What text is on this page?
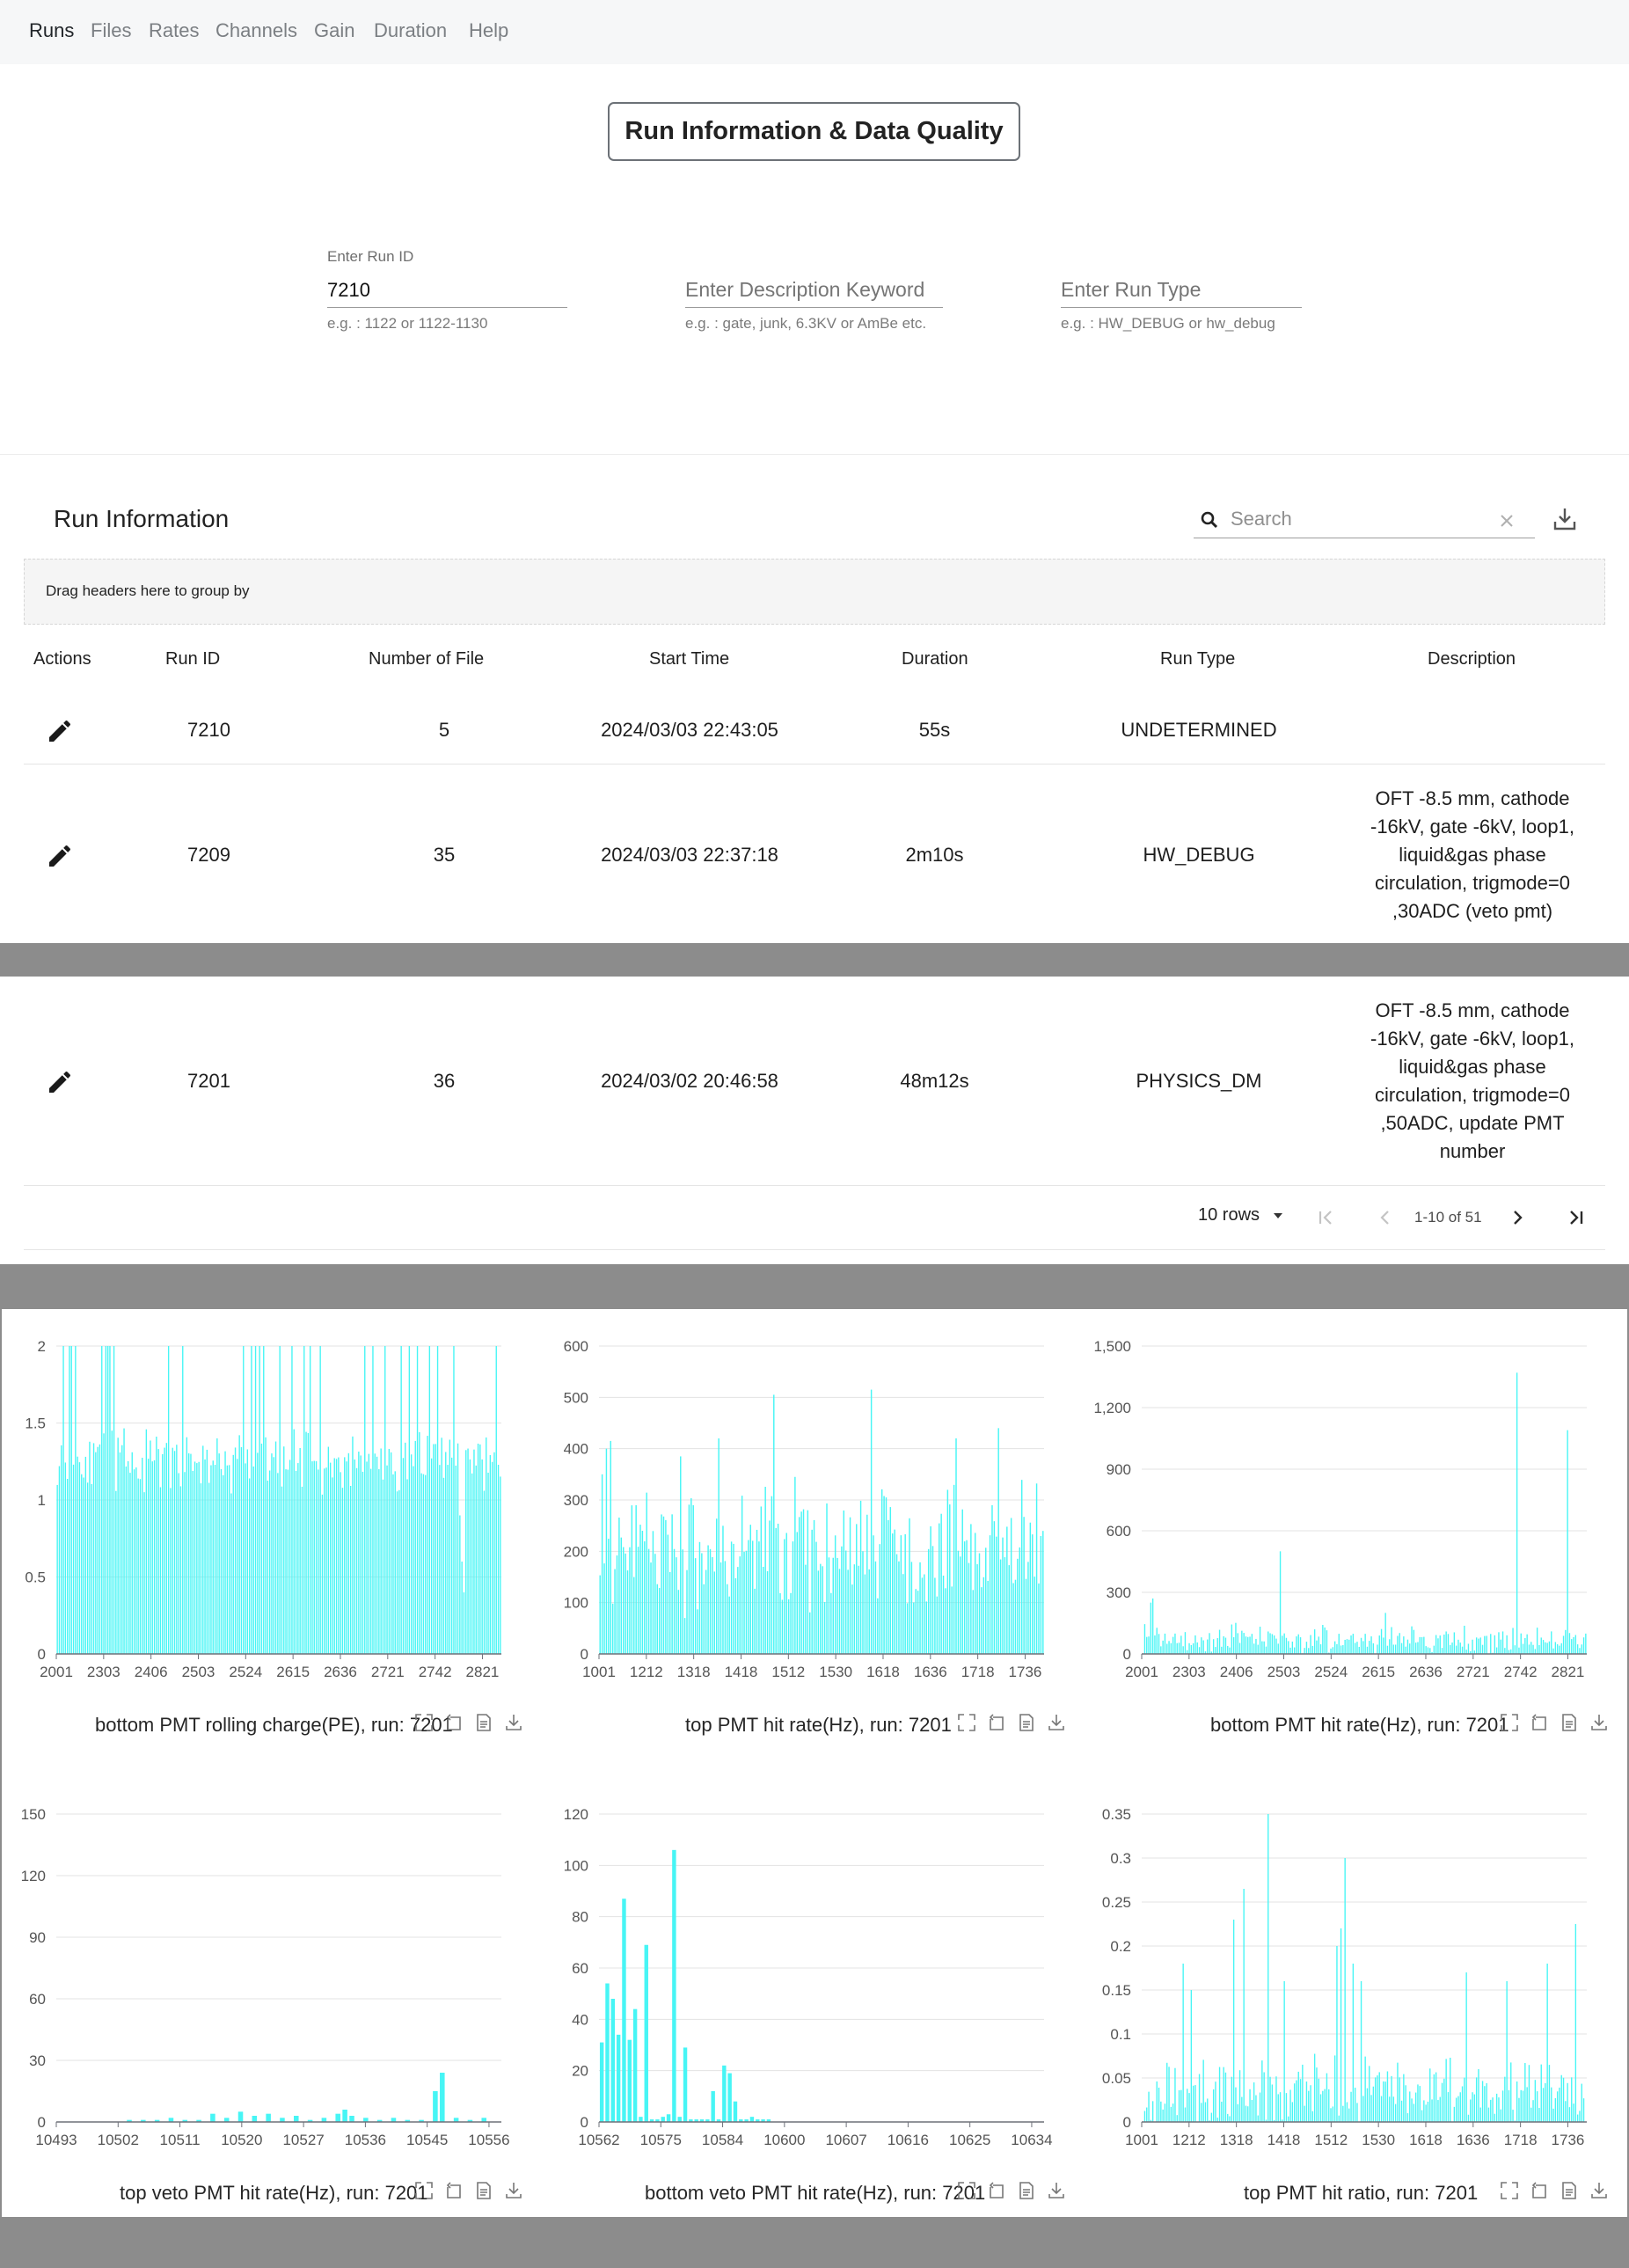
Runs Files Rates Channels Gain Duration Help
Run Information & Data Quality
Enter Run ID
7210
e.g. : 1122 or 1122-1130
Enter Description Keyword	e.g. : gate, junk, 6.3KV or AmBe etc.
Enter Run Type	e.g. : HW_DEBUG or hw_debug
Run Information
Search
Drag headers here to group by
Actions	Run ID	Number of File	Start Time	Duration	Run Type	Description
7210	5	2024/03/03 22:43:05	55s	UNDETERMINED
7209	35	2024/03/03 22:37:18	2m10s	HW_DEBUG
OFT -8.5 mm, cathode
-16kV, gate -6kV, loop1,
liquid&gas phase
circulation, trigmode=0
,30ADC (veto pmt)
7201	36	2024/03/02 20:46:58	48m12s	PHYSICS_DM
OFT -8.5 mm, cathode
-16kV, gate -6kV, loop1,
liquid&gas phase
circulation, trigmode=0
,50ADC, update PMT
number
10 rows	1-10 of 51
0
0.5
1
1.5
2
2001 2303 2406 2503 2524 2615 2636 2721 2742 2821
bottom PMT rolling charge(PE), run: 7201
0
100
200
300
400
500
600
1001 1212 1318 1418 1512 1530 1618 1636 1718 1736
top PMT hit rate(Hz), run: 7201
0
300
600
900
1,200
1,500
2001 2303 2406 2503 2524 2615 2636 2721 2742 2821
bottom PMT hit rate(Hz), run: 7201
0
30
60
90
120
150
10493 10502 10511 10520 10527 10536 10545 10556
top veto PMT hit rate(Hz), run: 7201
0
20
40
60
80
100
120
10562 10575 10584 10600 10607 10616 10625 10634
bottom veto PMT hit rate(Hz), run: 7201
0
0.05
0.1
0.15
0.2
0.25
0.3
0.35
1001 1212 1318 1418 1512 1530 1618 1636 1718 1736
top PMT hit ratio, run: 7201
